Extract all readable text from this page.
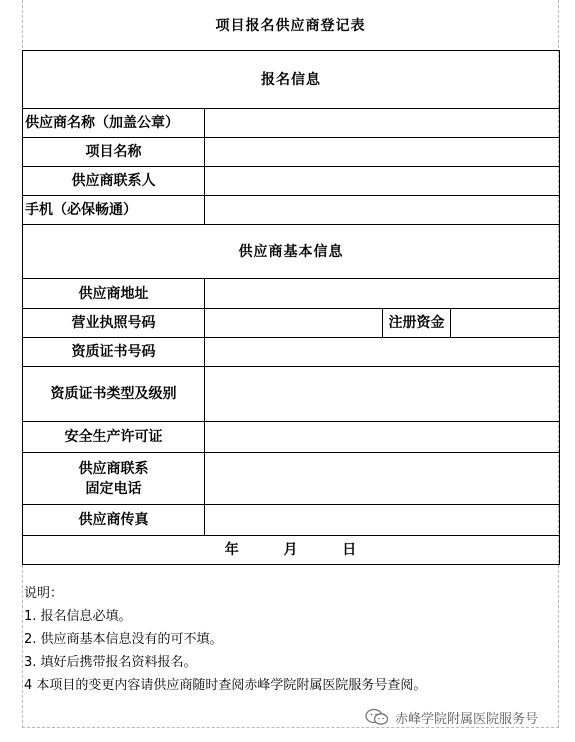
项目报名供应商登记表
报名信息			
供应商名称（加盖公章）			
项目名称			
供应商联系人			
手机（必保畅通）			
供应商基本信息			
供应商地址			
营业执照号码		注册资金	
资质证书号码			
资质证书类型及级别			
安全生产许可证			

供应商联系
固定电话			

供应商传真			
年 月 日			
说明：
1. 报名信息必填。
2. 供应商基本信息没有的可不填。
3. 填好后携带报名资料报名。
4 本项目的变更内容请供应商随时查阅赤峰学院附属医院服务号查阅。
赤峰学院附属医院服务号
